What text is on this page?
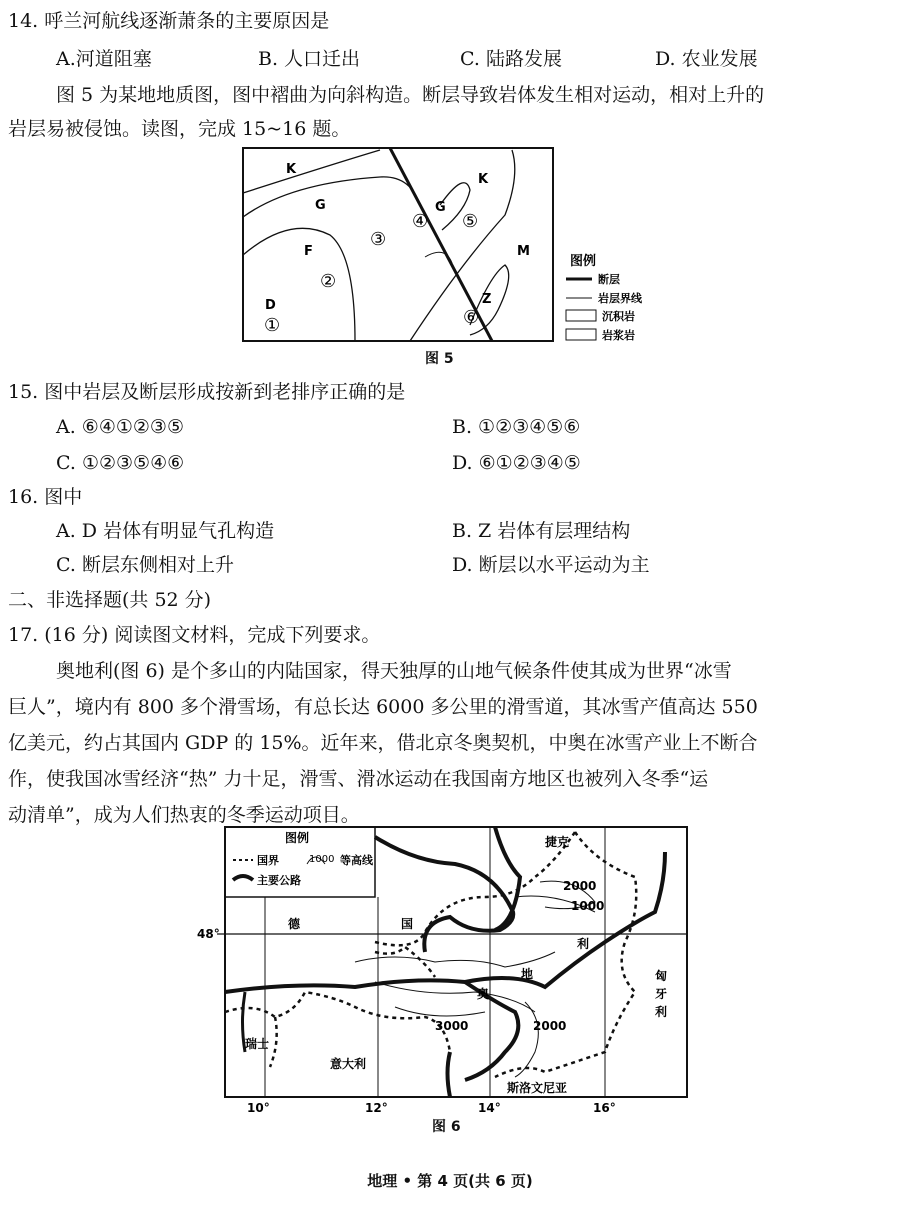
14. 呼兰河航线逐渐萧条的主要原因是
A.河道阻塞	B. 人口迁出	C. 陆路发展	D. 农业发展
图 5 为某地地质图，图中褶曲为向斜构造。断层导致岩体发生相对运动，相对上升的
岩层易被侵蚀。读图，完成 15~16 题。
K
K
G	G
F
D
M
Z
①
②
③
④ ⑤
⑥
图例
断层
岩层界线
沉积岩
岩浆岩
图 5
15. 图中岩层及断层形成按新到老排序正确的是
A. ⑥④①②③⑤	B. ①②③④⑤⑥
C. ①②③⑤④⑥	D. ⑥①②③④⑤
16. 图中
A. D 岩体有明显气孔构造	B. Z 岩体有层理结构
C. 断层东侧相对上升	D. 断层以水平运动为主
二、非选择题(共 52 分)
17. (16 分) 阅读图文材料，完成下列要求。
奥地利(图 6) 是个多山的内陆国家，得天独厚的山地气候条件使其成为世界“冰雪
巨人”，境内有 800 多个滑雪场，有总长达 6000 多公里的滑雪道，其冰雪产值高达 550
亿美元，约占其国内 GDP 的 15%。近年来，借北京冬奥契机，中奥在冰雪产业上不断合
作，使我国冰雪经济“热” 力十足，滑雪、滑冰运动在我国南方地区也被列入冬季“运
动清单”，成为人们热衷的冬季运动项目。
图例
国界	1000 等高线
主要公路
捷克
2000
1000
德	国
利
地
奥
匈
牙
利
3000	2000
瑞士
意大利
斯洛文尼亚
48°
10°	12°	14°	16°
图 6
地理 • 第 4 页(共 6 页)
